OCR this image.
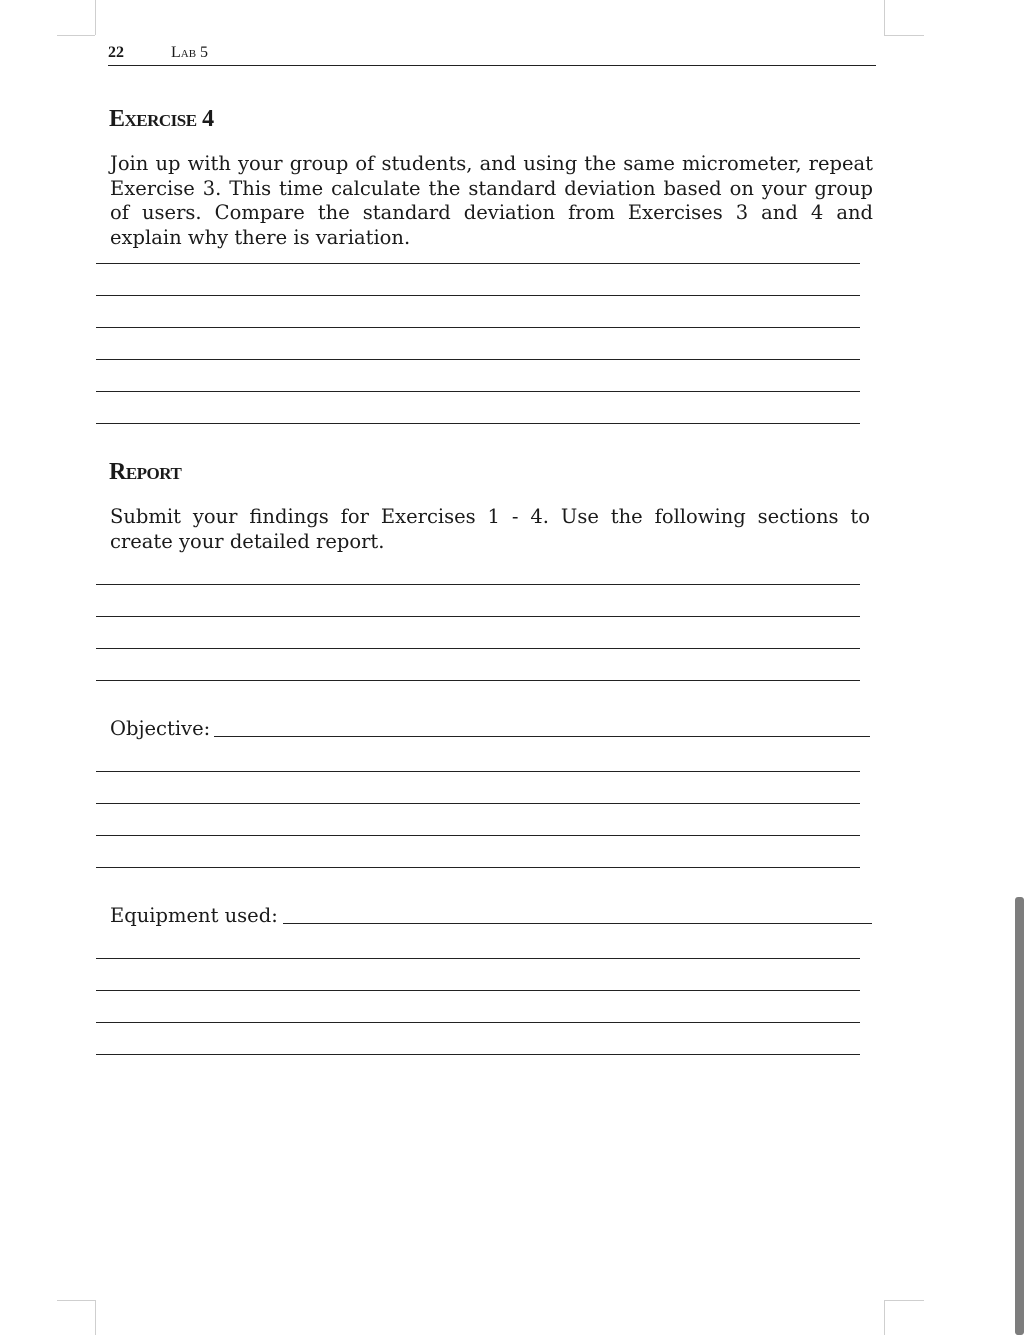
22	Lab 5
Exercise 4
Join up with your group of students, and using the same micrometer, repeat Exercise 3. This time calculate the standard deviation based on your group of users. Compare the standard deviation from Exercises 3 and 4 and explain why there is variation.
Report
Submit your findings for Exercises 1 - 4. Use the following sections to create your detailed report.
Objective:
Equipment used:
